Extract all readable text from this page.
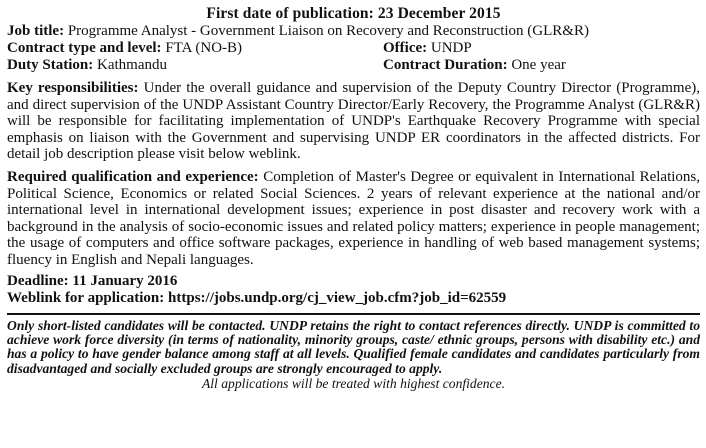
First date of publication: 23 December 2015
Job title: Programme Analyst - Government Liaison on Recovery and Reconstruction (GLR&R)
Contract type and level: FTA (NO-B)	Office: UNDP
Duty Station: Kathmandu	Contract Duration: One year
Key responsibilities: Under the overall guidance and supervision of the Deputy Country Director (Programme), and direct supervision of the UNDP Assistant Country Director/Early Recovery, the Programme Analyst (GLR&R) will be responsible for facilitating implementation of UNDP's Earthquake Recovery Programme with special emphasis on liaison with the Government and supervising UNDP ER coordinators in the affected districts. For detail job description please visit below weblink.
Required qualification and experience: Completion of Master's Degree or equivalent in International Relations, Political Science, Economics or related Social Sciences. 2 years of relevant experience at the national and/or international level in international development issues; experience in post disaster and recovery work with a background in the analysis of socio-economic issues and related policy matters; experience in people management; the usage of computers and office software packages, experience in handling of web based management systems; fluency in English and Nepali languages.
Deadline: 11 January 2016
Weblink for application: https://jobs.undp.org/cj_view_job.cfm?job_id=62559
Only short-listed candidates will be contacted. UNDP retains the right to contact references directly. UNDP is committed to achieve work force diversity (in terms of nationality, minority groups, caste/ ethnic groups, persons with disability etc.) and has a policy to have gender balance among staff at all levels. Qualified female candidates and candidates particularly from disadvantaged and socially excluded groups are strongly encouraged to apply.
All applications will be treated with highest confidence.
